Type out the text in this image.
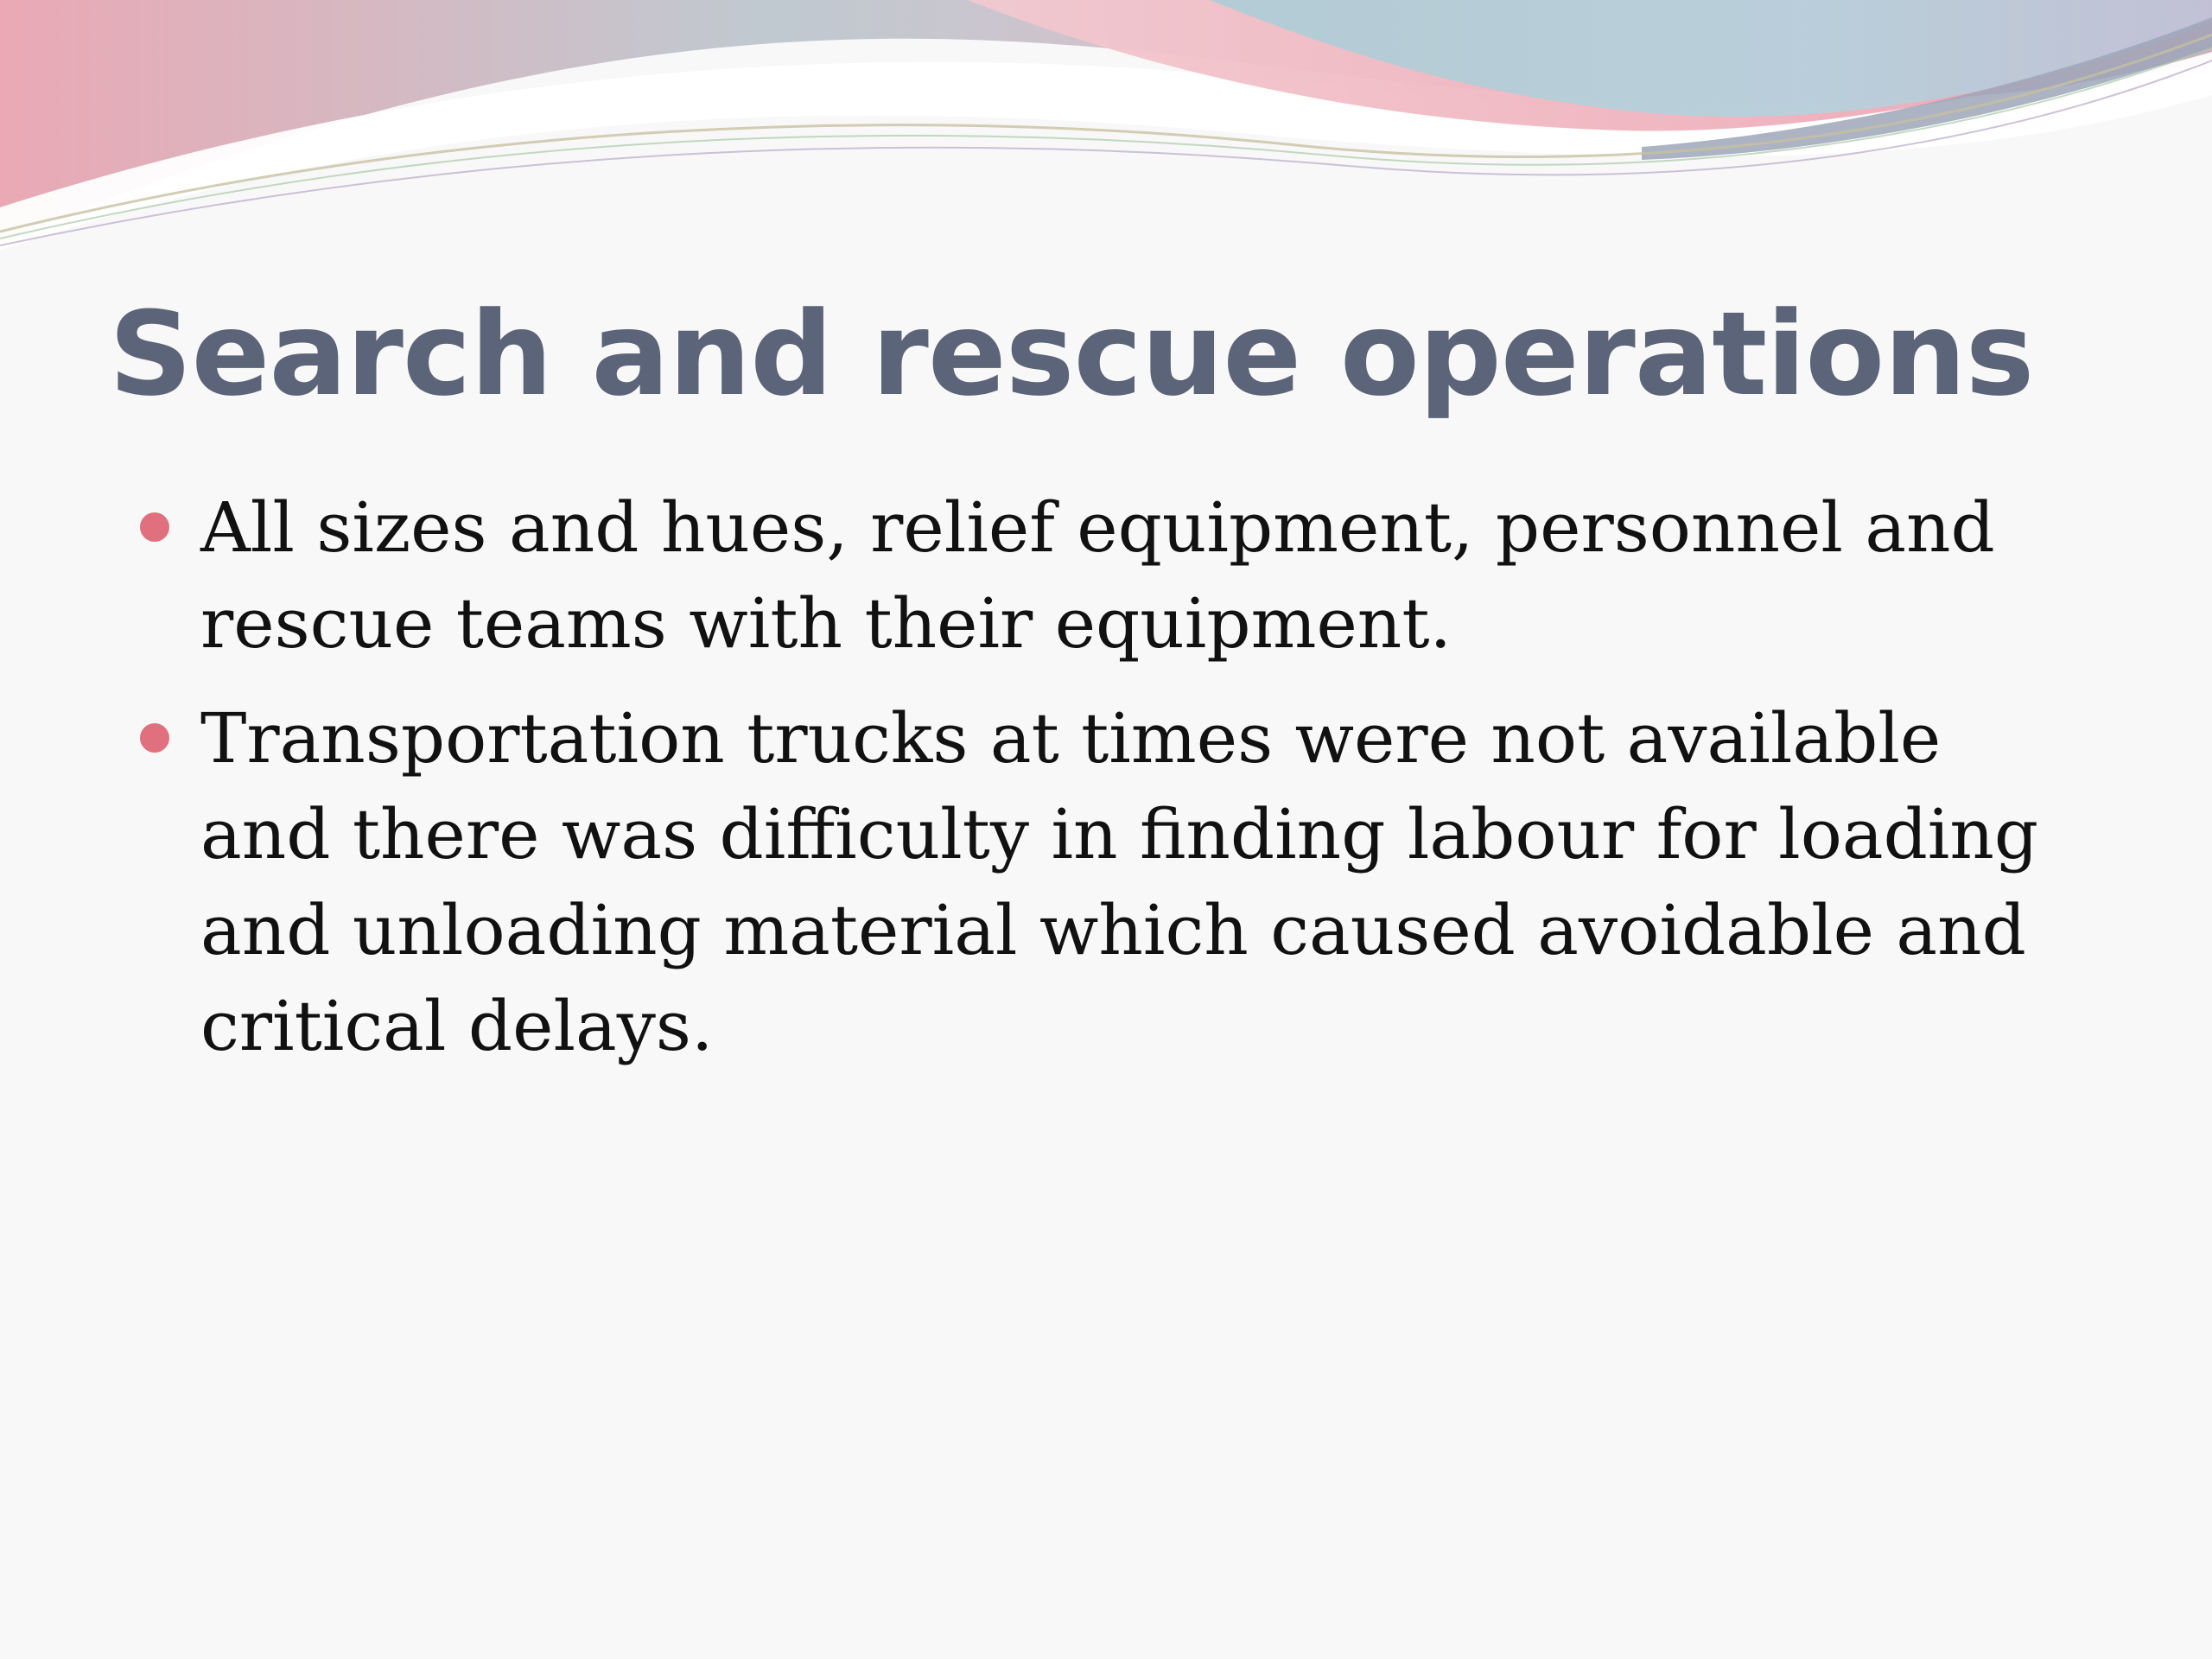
Search and rescue operations
All sizes and hues, relief equipment, personnel and rescue teams with their equipment.
Transportation trucks at times were not available and there was difficulty in finding labour for loading and unloading material which caused avoidable and critical delays.
